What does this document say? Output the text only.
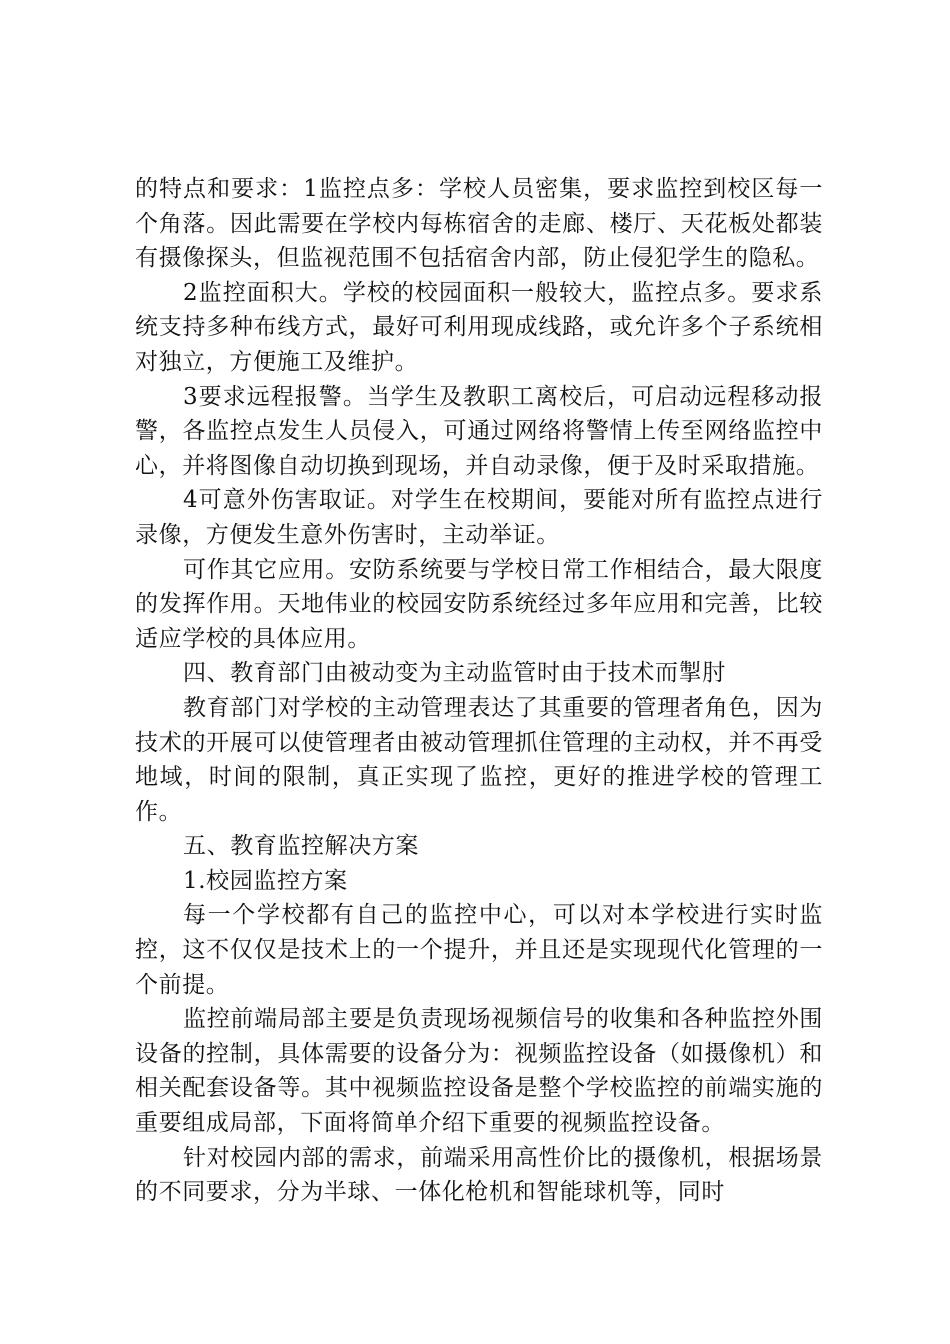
的特点和要求：1监控点多：学校人员密集，要求监控到校区每一个角落。因此需要在学校内每栋宿舍的走廊、楼厅、天花板处都装有摄像探头，但监视范围不包括宿舍内部，防止侵犯学生的隐私。

2监控面积大。学校的校园面积一般较大，监控点多。要求系统支持多种布线方式，最好可利用现成线路，或允许多个子系统相对独立，方便施工及维护。

3要求远程报警。当学生及教职工离校后，可启动远程移动报警，各监控点发生人员侵入，可通过网络将警情上传至网络监控中心，并将图像自动切换到现场，并自动录像，便于及时采取措施。

4可意外伤害取证。对学生在校期间，要能对所有监控点进行录像，方便发生意外伤害时，主动举证。

可作其它应用。安防系统要与学校日常工作相结合，最大限度的发挥作用。天地伟业的校园安防系统经过多年应用和完善，比较适应学校的具体应用。

四、教育部门由被动变为主动监管时由于技术而掣肘

教育部门对学校的主动管理表达了其重要的管理者角色，因为技术的开展可以使管理者由被动管理抓住管理的主动权，并不再受地域，时间的限制，真正实现了监控，更好的推进学校的管理工作。

五、教育监控解决方案

1.校园监控方案

每一个学校都有自己的监控中心，可以对本学校进行实时监控，这不仅仅是技术上的一个提升，并且还是实现现代化管理的一个前提。

监控前端局部主要是负责现场视频信号的收集和各种监控外围设备的控制，具体需要的设备分为：视频监控设备（如摄像机）和相关配套设备等。其中视频监控设备是整个学校监控的前端实施的重要组成局部，下面将简单介绍下重要的视频监控设备。

针对校园内部的需求，前端采用高性价比的摄像机，根据场景的不同要求，分为半球、一体化枪机和智能球机等，同时
